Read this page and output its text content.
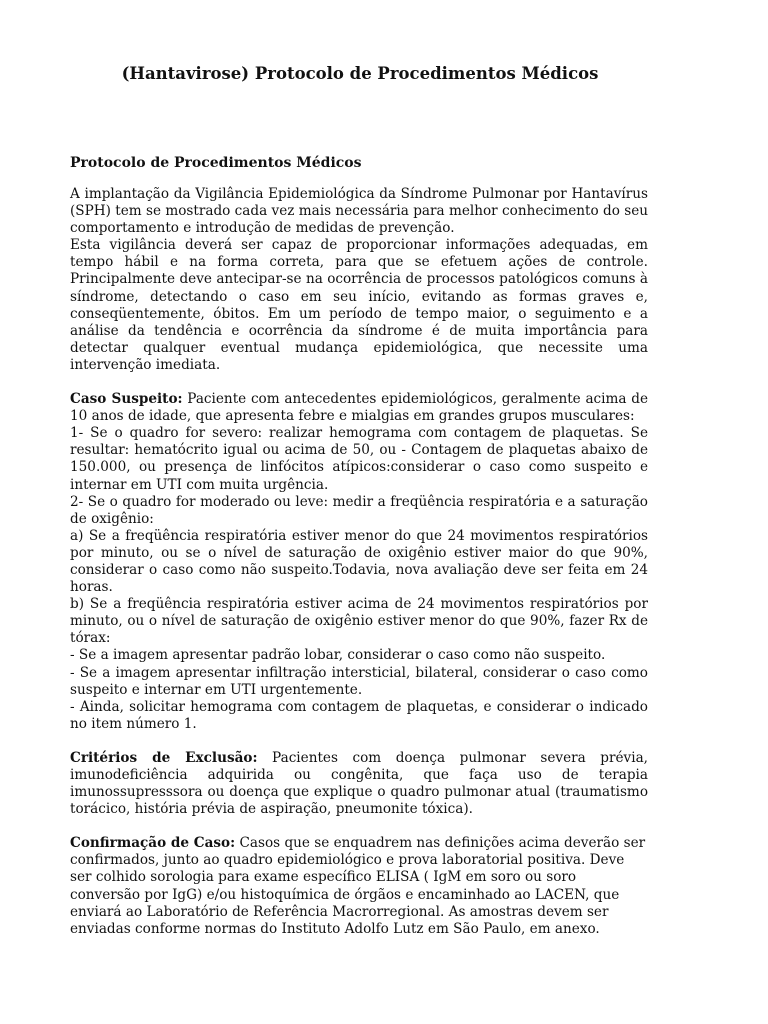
(Hantavirose) Protocolo de Procedimentos Médicos
Protocolo de Procedimentos Médicos

A implantação da Vigilância Epidemiológica da Síndrome Pulmonar por Hantavírus (SPH) tem se mostrado cada vez mais necessária para melhor conhecimento do seu comportamento e introdução de medidas de prevenção.

Esta vigilância deverá ser capaz de proporcionar informações adequadas, em tempo hábil e na forma correta, para que se efetuem ações de controle. Principalmente deve antecipar-se na ocorrência de processos patológicos comuns à síndrome, detectando o caso em seu início, evitando as formas graves e, conseqüentemente, óbitos. Em um período de tempo maior, o seguimento e a análise da tendência e ocorrência da síndrome é de muita importância para detectar qualquer eventual mudança epidemiológica, que necessite uma intervenção imediata.

Caso Suspeito: Paciente com antecedentes epidemiológicos, geralmente acima de 10 anos de idade, que apresenta febre e mialgias em grandes grupos musculares:

1- Se o quadro for severo: realizar hemograma com contagem de plaquetas. Se resultar: hematócrito igual ou acima de 50, ou - Contagem de plaquetas abaixo de 150.000, ou presença de linfócitos atípicos:considerar o caso como suspeito e internar em UTI com muita urgência.

2- Se o quadro for moderado ou leve: medir a freqüência respiratória e a saturação de oxigênio:

a) Se a freqüência respiratória estiver menor do que 24 movimentos respiratórios por minuto, ou se o nível de saturação de oxigênio estiver maior do que 90%, considerar o caso como não suspeito.Todavia, nova avaliação deve ser feita em 24 horas.

b) Se a freqüência respiratória estiver acima de 24 movimentos respiratórios por minuto, ou o nível de saturação de oxigênio estiver menor do que 90%, fazer Rx de tórax:

- Se a imagem apresentar padrão lobar, considerar o caso como não suspeito.

- Se a imagem apresentar infiltração intersticial, bilateral, considerar o caso como suspeito e internar em UTI urgentemente.

- Ainda, solicitar hemograma com contagem de plaquetas, e considerar o indicado no item número 1.

Critérios de Exclusão: Pacientes com doença pulmonar severa prévia, imunodeficiência adquirida ou congênita, que faça uso de terapia imunossupresssora ou doença que explique o quadro pulmonar atual (traumatismo torácico, história prévia de aspiração, pneumonite tóxica).

Confirmação de Caso: Casos que se enquadrem nas definições acima deverão ser confirmados, junto ao quadro epidemiológico e prova laboratorial positiva. Deve ser colhido sorologia para exame específico ELISA ( IgM em soro ou soro conversão por IgG) e/ou histoquímica de órgãos e encaminhado ao LACEN, que enviará ao Laboratório de Referência Macrorregional. As amostras devem ser enviadas conforme normas do Instituto Adolfo Lutz em São Paulo, em anexo.
